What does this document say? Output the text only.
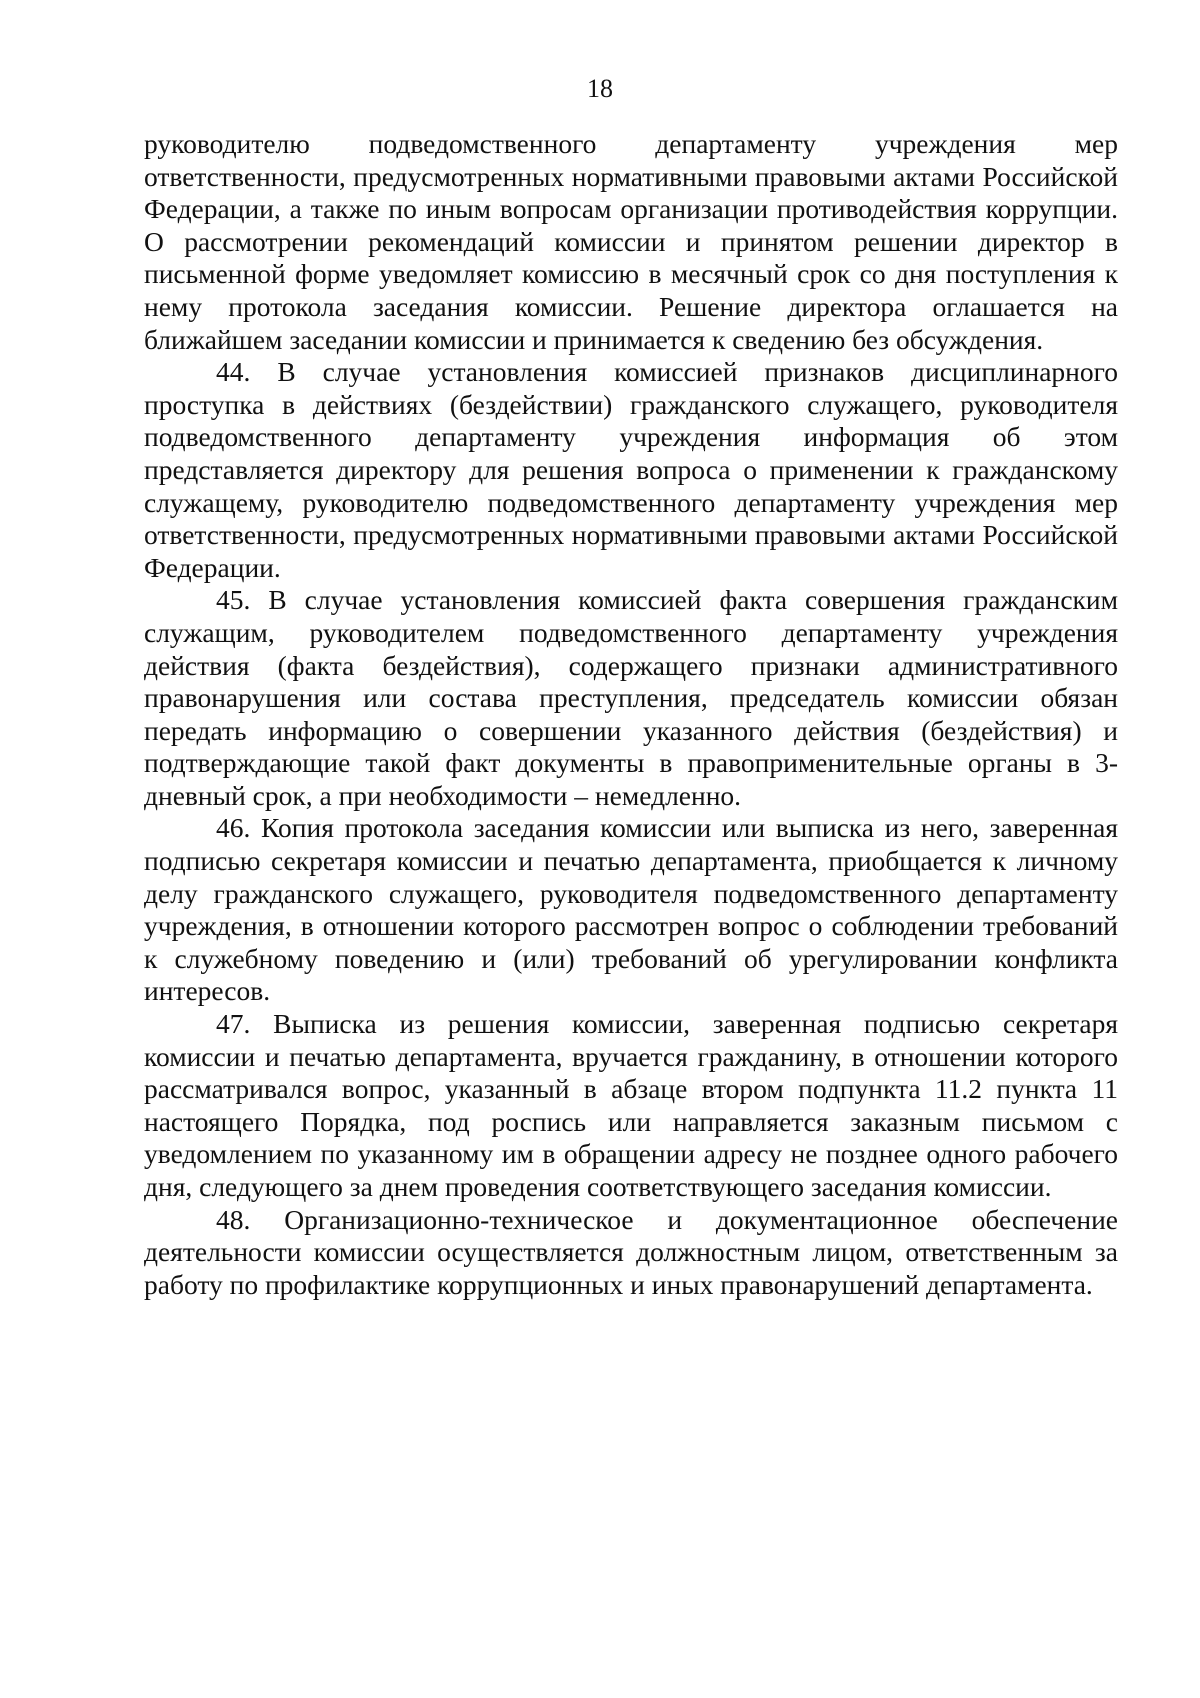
18

руководителю подведомственного департаменту учреждения мер ответственности, предусмотренных нормативными правовыми актами Российской Федерации, а также по иным вопросам организации противодействия коррупции. О рассмотрении рекомендаций комиссии и принятом решении директор в письменной форме уведомляет комиссию в месячный срок со дня поступления к нему протокола заседания комиссии. Решение директора оглашается на ближайшем заседании комиссии и принимается к сведению без обсуждения.

44. В случае установления комиссией признаков дисциплинарного проступка в действиях (бездействии) гражданского служащего, руководителя подведомственного департаменту учреждения информация об этом представляется директору для решения вопроса о применении к гражданскому служащему, руководителю подведомственного департаменту учреждения мер ответственности, предусмотренных нормативными правовыми актами Российской Федерации.

45. В случае установления комиссией факта совершения гражданским служащим, руководителем подведомственного департаменту учреждения действия (факта бездействия), содержащего признаки административного правонарушения или состава преступления, председатель комиссии обязан передать информацию о совершении указанного действия (бездействия) и подтверждающие такой факт документы в правоприменительные органы в 3-дневный срок, а при необходимости – немедленно.

46. Копия протокола заседания комиссии или выписка из него, заверенная подписью секретаря комиссии и печатью департамента, приобщается к личному делу гражданского служащего, руководителя подведомственного департаменту учреждения, в отношении которого рассмотрен вопрос о соблюдении требований к служебному поведению и (или) требований об урегулировании конфликта интересов.

47. Выписка из решения комиссии, заверенная подписью секретаря комиссии и печатью департамента, вручается гражданину, в отношении которого рассматривался вопрос, указанный в абзаце втором подпункта 11.2 пункта 11 настоящего Порядка, под роспись или направляется заказным письмом с уведомлением по указанному им в обращении адресу не позднее одного рабочего дня, следующего за днем проведения соответствующего заседания комиссии.

48. Организационно-техническое и документационное обеспечение деятельности комиссии осуществляется должностным лицом, ответственным за работу по профилактике коррупционных и иных правонарушений департамента.
